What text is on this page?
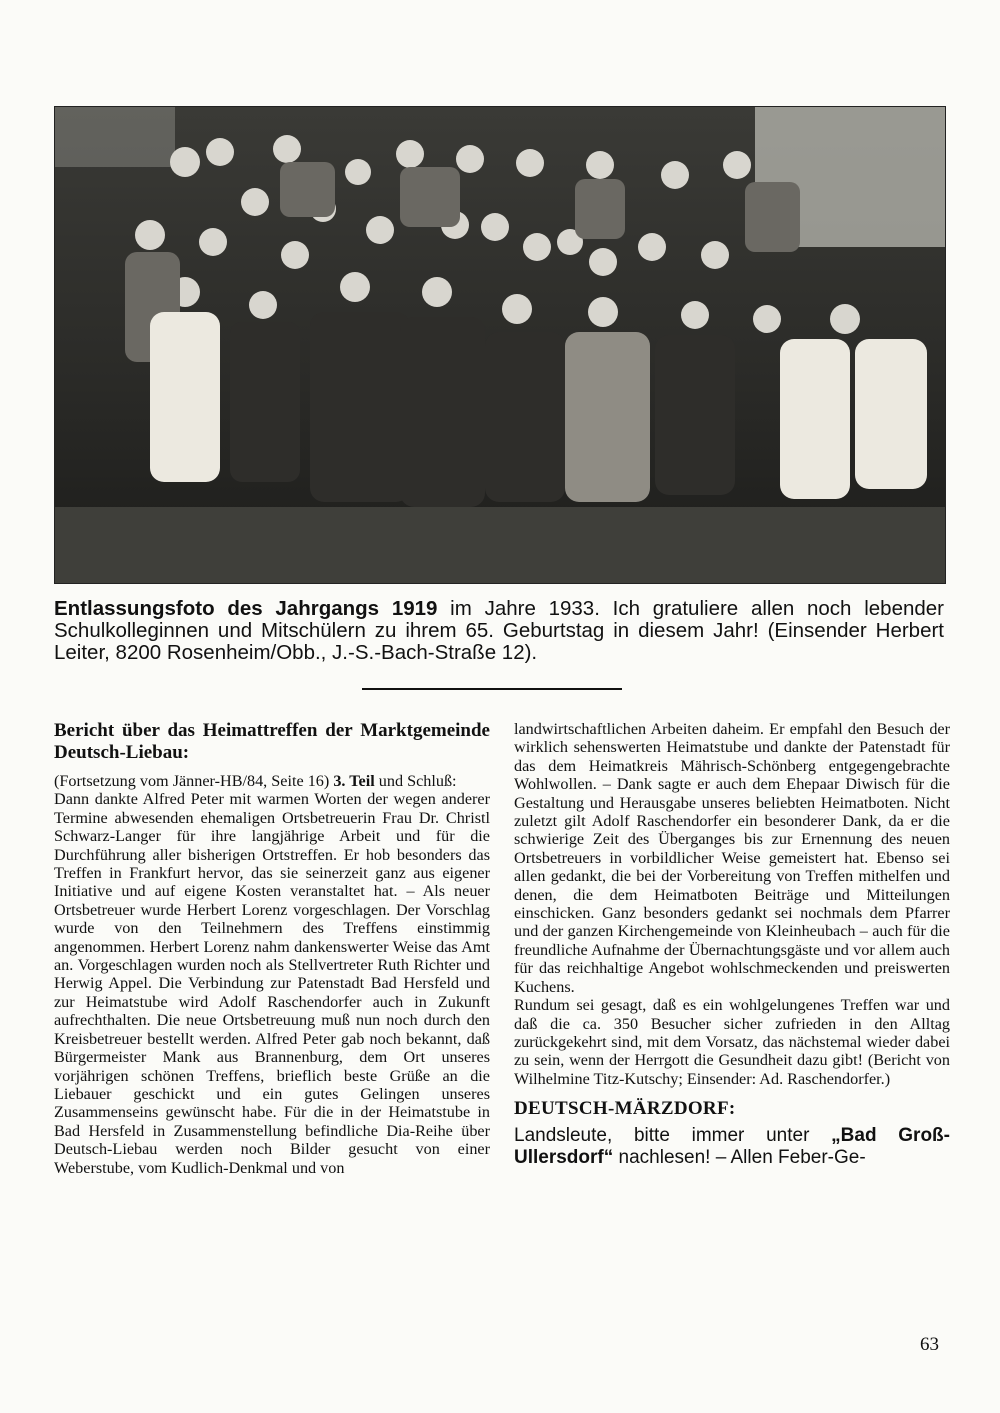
Entlassungsfoto des Jahrgangs 1919 im Jahre 1933. Ich gratuliere allen noch lebender Schulkolleginnen und Mitschülern zu ihrem 65. Geburtstag in diesem Jahr! (Einsender Herbert Leiter, 8200 Rosenheim/Obb., J.-S.-Bach-Straße 12).

Bericht über das Heimattreffen der Marktgemeinde Deutsch-Liebau:

(Fortsetzung vom Jänner-HB/84, Seite 16) 3. Teil und Schluß:

Dann dankte Alfred Peter mit warmen Worten der wegen anderer Termine abwesenden ehemaligen Ortsbetreuerin Frau Dr. Christl Schwarz-Langer für ihre langjährige Arbeit und für die Durchführung aller bisherigen Ortstreffen. Er hob besonders das Treffen in Frankfurt hervor, das sie seinerzeit ganz aus eigener Initiative und auf eigene Kosten veranstaltet hat. – Als neuer Ortsbetreuer wurde Herbert Lorenz vorgeschlagen. Der Vorschlag wurde von den Teilnehmern des Treffens einstimmig angenommen. Herbert Lorenz nahm dankenswerter Weise das Amt an. Vorgeschlagen wurden noch als Stellvertreter Ruth Richter und Herwig Appel. Die Verbindung zur Patenstadt Bad Hersfeld und zur Heimatstube wird Adolf Raschendorfer auch in Zukunft aufrechthalten. Die neue Ortsbetreuung muß nun noch durch den Kreisbetreuer bestellt werden. Alfred Peter gab noch bekannt, daß Bürgermeister Mank aus Brannenburg, dem Ort unseres vorjährigen schönen Treffens, brieflich beste Grüße an die Liebauer geschickt und ein gutes Gelingen unseres Zusammenseins gewünscht habe. Für die in der Heimatstube in Bad Hersfeld in Zusammenstellung befindliche Dia-Reihe über Deutsch-Liebau werden noch Bilder gesucht von einer Weberstube, vom Kudlich-Denkmal und von

landwirtschaftlichen Arbeiten daheim. Er empfahl den Besuch der wirklich sehenswerten Heimatstube und dankte der Patenstadt für das dem Heimatkreis Mährisch-Schönberg entgegengebrachte Wohlwollen. – Dank sagte er auch dem Ehepaar Diwisch für die Gestaltung und Herausgabe unseres beliebten Heimatboten. Nicht zuletzt gilt Adolf Raschendorfer ein besonderer Dank, da er die schwierige Zeit des Überganges bis zur Ernennung des neuen Ortsbetreuers in vorbildlicher Weise gemeistert hat. Ebenso sei allen gedankt, die bei der Vorbereitung von Treffen mithelfen und denen, die dem Heimatboten Beiträge und Mitteilungen einschicken. Ganz besonders gedankt sei nochmals dem Pfarrer und der ganzen Kirchengemeinde von Kleinheubach – auch für die freundliche Aufnahme der Übernachtungsgäste und vor allem auch für das reichhaltige Angebot wohlschmeckenden und preiswerten Kuchens.

Rundum sei gesagt, daß es ein wohlgelungenes Treffen war und daß die ca. 350 Besucher sicher zufrieden in den Alltag zurückgekehrt sind, mit dem Vorsatz, das nächstemal wieder dabei zu sein, wenn der Herrgott die Gesundheit dazu gibt! (Bericht von Wilhelmine Titz-Kutschy; Einsender: Ad. Raschendorfer.)

DEUTSCH-MÄRZDORF:

Landsleute, bitte immer unter „Bad Groß-Ullersdorf“ nachlesen! – Allen Feber-Ge-

63
